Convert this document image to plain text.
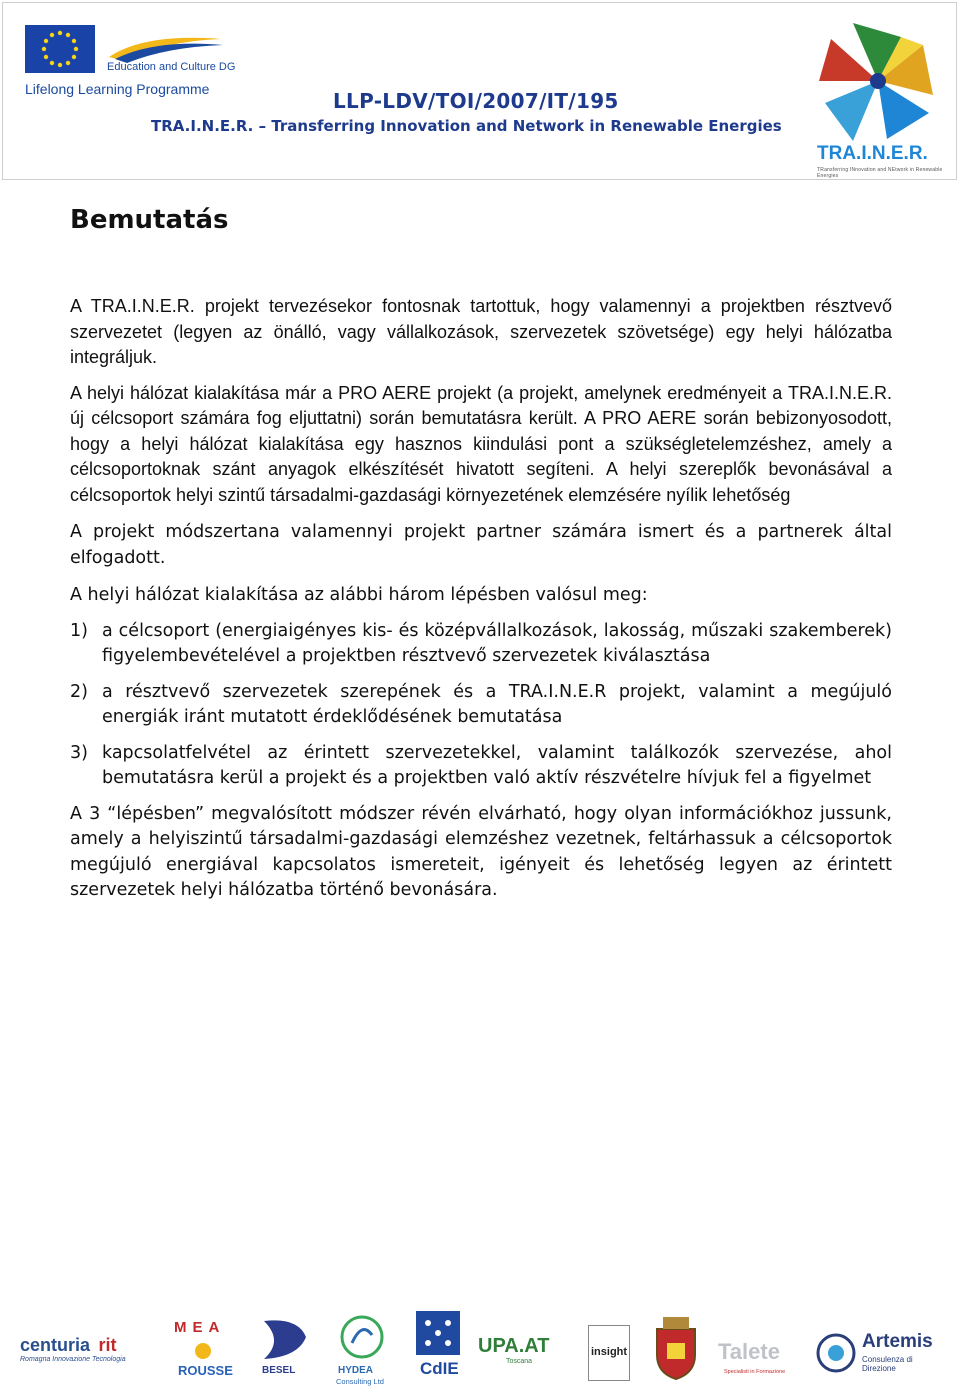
Education and Culture DG
Lifelong Learning Programme	LLP-LDV/TOI/2007/IT/195
TRA.I.N.E.R. – Transferring Innovation and Network in Renewable Energies
TRA.I.N.E.R.
TRansferring INnovation and NEtwork in Renewable Energies
Bemutatás

A TRA.I.N.E.R. projekt tervezésekor fontosnak tartottuk, hogy valamennyi a projektben résztvevő szervezetet (legyen az önálló, vagy vállalkozások, szervezetek szövetsége) egy helyi hálózatba integráljuk.

A helyi hálózat kialakítása már a PRO AERE projekt (a projekt, amelynek eredményeit a TRA.I.N.E.R. új célcsoport számára fog eljuttatni) során bemutatásra került. A PRO AERE során bebizonyosodott, hogy a helyi hálózat kialakítása egy hasznos kiindulási pont a szükségletelemzéshez, amely a célcsoportoknak szánt anyagok elkészítését hivatott segíteni. A helyi szereplők bevonásával a célcsoportok helyi szintű társadalmi-gazdasági környezetének elemzésére nyílik lehetőség

A projekt módszertana valamennyi projekt partner számára ismert és a partnerek által elfogadott.

A helyi hálózat kialakítása az alábbi három lépésben valósul meg:

1) a célcsoport (energiaigényes kis- és középvállalkozások, lakosság, műszaki szakemberek) figyelembevételével a projektben résztvevő szervezetek kiválasztása
2) a résztvevő szervezetek szerepének és a TRA.I.N.E.R projekt, valamint a megújuló energiák iránt mutatott érdeklődésének bemutatása
3) kapcsolatfelvétel az érintett szervezetekkel, valamint találkozók szervezése, ahol bemutatásra kerül a projekt és a projektben való aktív részvételre hívjuk fel a figyelmet

A 3 “lépésben” megvalósított módszer révén elvárható, hogy olyan információkhoz jussunk, amely a helyiszintű társadalmi-gazdasági elemzéshez vezetnek, feltárhassuk a célcsoportok megújuló energiával kapcsolatos ismereteit, igényeit és lehetőség legyen az érintett szervezetek helyi hálózatba történő bevonására.

centuria rit
Romagna Innovazione Tecnologia
MEA
ROUSSE	BESEL	HYDEA
Consulting Ltd
CdIE
UPA.AT
Toscana
insight	Talete
Specialisti in Formazione
Artemis
Consulenza di Direzione
